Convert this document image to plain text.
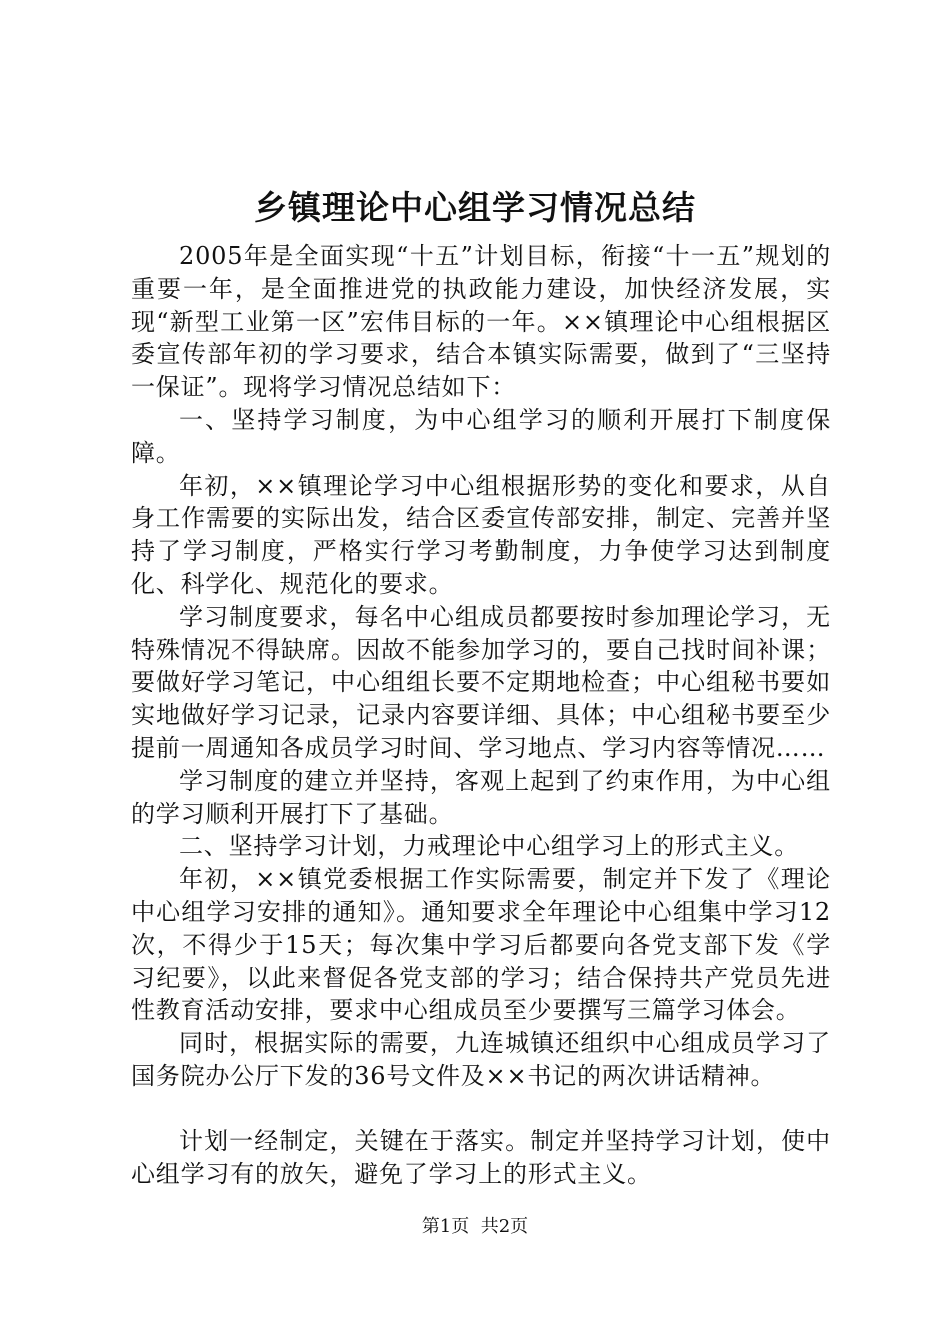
乡镇理论中心组学习情况总结

2005年是全面实现“十五”计划目标，衔接“十一五”规划的重要一年，是全面推进党的执政能力建设，加快经济发展，实现“新型工业第一区”宏伟目标的一年。××镇理论中心组根据区委宣传部年初的学习要求，结合本镇实际需要，做到了“三坚持一保证”。现将学习情况总结如下：

一、坚持学习制度，为中心组学习的顺利开展打下制度保障。

年初，××镇理论学习中心组根据形势的变化和要求，从自身工作需要的实际出发，结合区委宣传部安排，制定、完善并坚持了学习制度，严格实行学习考勤制度，力争使学习达到制度化、科学化、规范化的要求。

学习制度要求，每名中心组成员都要按时参加理论学习，无特殊情况不得缺席。因故不能参加学习的，要自己找时间补课；要做好学习笔记，中心组组长要不定期地检查；中心组秘书要如实地做好学习记录，记录内容要详细、具体；中心组秘书要至少提前一周通知各成员学习时间、学习地点、学习内容等情况……

学习制度的建立并坚持，客观上起到了约束作用，为中心组的学习顺利开展打下了基础。

二、坚持学习计划，力戒理论中心组学习上的形式主义。

年初，××镇党委根据工作实际需要，制定并下发了《理论中心组学习安排的通知》。通知要求全年理论中心组集中学习12次，不得少于15天；每次集中学习后都要向各党支部下发《学习纪要》，以此来督促各党支部的学习；结合保持共产党员先进性教育活动安排，要求中心组成员至少要撰写三篇学习体会。

同时，根据实际的需要，九连城镇还组织中心组成员学习了国务院办公厅下发的36号文件及××书记的两次讲话精神。

计划一经制定，关键在于落实。制定并坚持学习计划，使中心组学习有的放矢，避免了学习上的形式主义。

第1页  共2页
